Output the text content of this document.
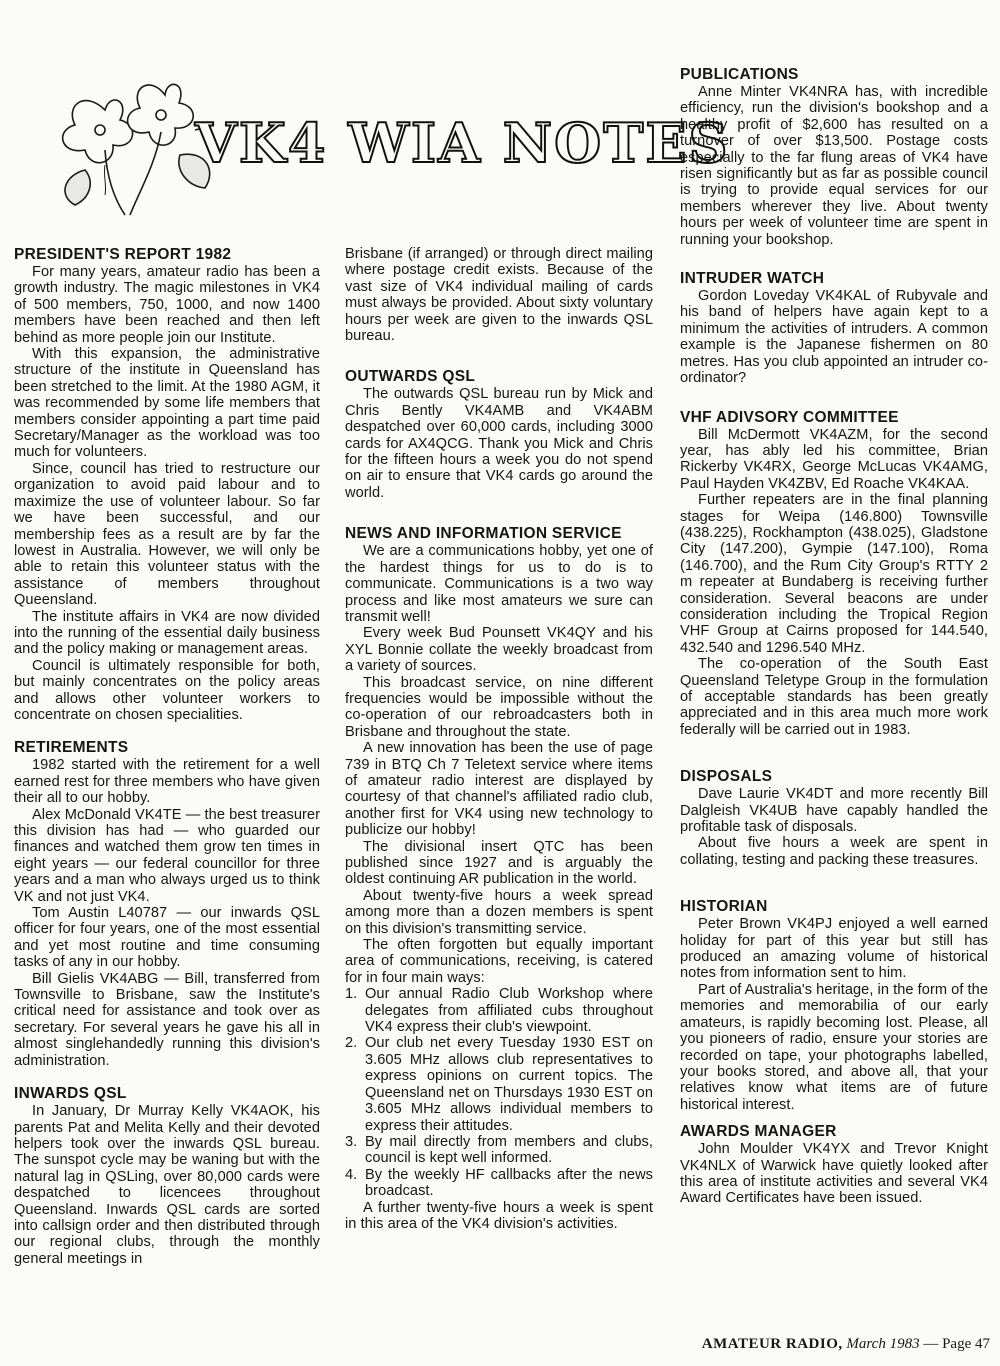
VK4 WIA NOTES
PRESIDENT'S REPORT 1982

For many years, amateur radio has been a growth industry. The magic milestones in VK4 of 500 members, 750, 1000, and now 1400 members have been reached and then left behind as more people join our Institute.

With this expansion, the administrative structure of the institute in Queensland has been stretched to the limit. At the 1980 AGM, it was recommended by some life members that members consider appointing a part time paid Secretary/Manager as the workload was too much for volunteers.

Since, council has tried to restructure our organization to avoid paid labour and to maximize the use of volunteer labour. So far we have been successful, and our membership fees as a result are by far the lowest in Australia. However, we will only be able to retain this volunteer status with the assistance of members throughout Queensland.

The institute affairs in VK4 are now divided into the running of the essential daily business and the policy making or management areas.

Council is ultimately responsible for both, but mainly concentrates on the policy areas and allows other volunteer workers to concentrate on chosen specialities.

RETIREMENTS

1982 started with the retirement for a well earned rest for three members who have given their all to our hobby.

Alex McDonald VK4TE — the best treasurer this division has had — who guarded our finances and watched them grow ten times in eight years — our federal councillor for three years and a man who always urged us to think VK and not just VK4.

Tom Austin L40787 — our inwards QSL officer for four years, one of the most essential and yet most routine and time consuming tasks of any in our hobby.

Bill Gielis VK4ABG — Bill, transferred from Townsville to Brisbane, saw the Institute's critical need for assistance and took over as secretary. For several years he gave his all in almost singlehandedly running this division's administration.

INWARDS QSL

In January, Dr Murray Kelly VK4AOK, his parents Pat and Melita Kelly and their devoted helpers took over the inwards QSL bureau. The sunspot cycle may be waning but with the natural lag in QSLing, over 80,000 cards were despatched to licencees throughout Queensland. Inwards QSL cards are sorted into callsign order and then distributed through our regional clubs, through the monthly general meetings in

Brisbane (if arranged) or through direct mailing where postage credit exists. Because of the vast size of VK4 individual mailing of cards must always be provided. About sixty voluntary hours per week are given to the inwards QSL bureau.

OUTWARDS QSL

The outwards QSL bureau run by Mick and Chris Bently VK4AMB and VK4ABM despatched over 60,000 cards, including 3000 cards for AX4QCG. Thank you Mick and Chris for the fifteen hours a week you do not spend on air to ensure that VK4 cards go around the world.

NEWS AND INFORMATION SERVICE

We are a communications hobby, yet one of the hardest things for us to do is to communicate. Communications is a two way process and like most amateurs we sure can transmit well!

Every week Bud Pounsett VK4QY and his XYL Bonnie collate the weekly broadcast from a variety of sources.

This broadcast service, on nine different frequencies would be impossible without the co-operation of our rebroadcasters both in Brisbane and throughout the state.

A new innovation has been the use of page 739 in BTQ Ch 7 Teletext service where items of amateur radio interest are displayed by courtesy of that channel's affiliated radio club, another first for VK4 using new technology to publicize our hobby!

The divisional insert QTC has been published since 1927 and is arguably the oldest continuing AR publication in the world.

About twenty-five hours a week spread among more than a dozen members is spent on this division's transmitting service.

The often forgotten but equally important area of communications, receiving, is catered for in four main ways:

1. Our annual Radio Club Workshop where delegates from affiliated cubs throughout VK4 express their club's viewpoint.
2. Our club net every Tuesday 1930 EST on 3.605 MHz allows club representatives to express opinions on current topics. The Queensland net on Thursdays 1930 EST on 3.605 MHz allows individual members to express their attitudes.
3. By mail directly from members and clubs, council is kept well informed.
4. By the weekly HF callbacks after the news broadcast.

A further twenty-five hours a week is spent in this area of the VK4 division's activities.

PUBLICATIONS

Anne Minter VK4NRA has, with incredible efficiency, run the division's bookshop and a healthy profit of $2,600 has resulted on a turnover of over $13,500. Postage costs especially to the far flung areas of VK4 have risen significantly but as far as possible council is trying to provide equal services for our members wherever they live. About twenty hours per week of volunteer time are spent in running your bookshop.

INTRUDER WATCH

Gordon Loveday VK4KAL of Rubyvale and his band of helpers have again kept to a minimum the activities of intruders. A common example is the Japanese fishermen on 80 metres. Has you club appointed an intruder co-ordinator?

VHF ADIVSORY COMMITTEE

Bill McDermott VK4AZM, for the second year, has ably led his committee, Brian Rickerby VK4RX, George McLucas VK4AMG, Paul Hayden VK4ZBV, Ed Roache VK4KAA.

Further repeaters are in the final planning stages for Weipa (146.800) Townsville (438.225), Rockhampton (438.025), Gladstone City (147.200), Gympie (147.100), Roma (146.700), and the Rum City Group's RTTY 2 m repeater at Bundaberg is receiving further consideration. Several beacons are under consideration including the Tropical Region VHF Group at Cairns proposed for 144.540, 432.540 and 1296.540 MHz.

The co-operation of the South East Queensland Teletype Group in the formulation of acceptable standards has been greatly appreciated and in this area much more work federally will be carried out in 1983.

DISPOSALS

Dave Laurie VK4DT and more recently Bill Dalgleish VK4UB have capably handled the profitable task of disposals.

About five hours a week are spent in collating, testing and packing these treasures.

HISTORIAN

Peter Brown VK4PJ enjoyed a well earned holiday for part of this year but still has produced an amazing volume of historical notes from information sent to him.

Part of Australia's heritage, in the form of the memories and memorabilia of our early amateurs, is rapidly becoming lost. Please, all you pioneers of radio, ensure your stories are recorded on tape, your photographs labelled, your books stored, and above all, that your relatives know what items are of future historical interest.

AWARDS MANAGER

John Moulder VK4YX and Trevor Knight VK4NLX of Warwick have quietly looked after this area of institute activities and several VK4 Award Certificates have been issued.

AMATEUR RADIO, March 1983 — Page 47
